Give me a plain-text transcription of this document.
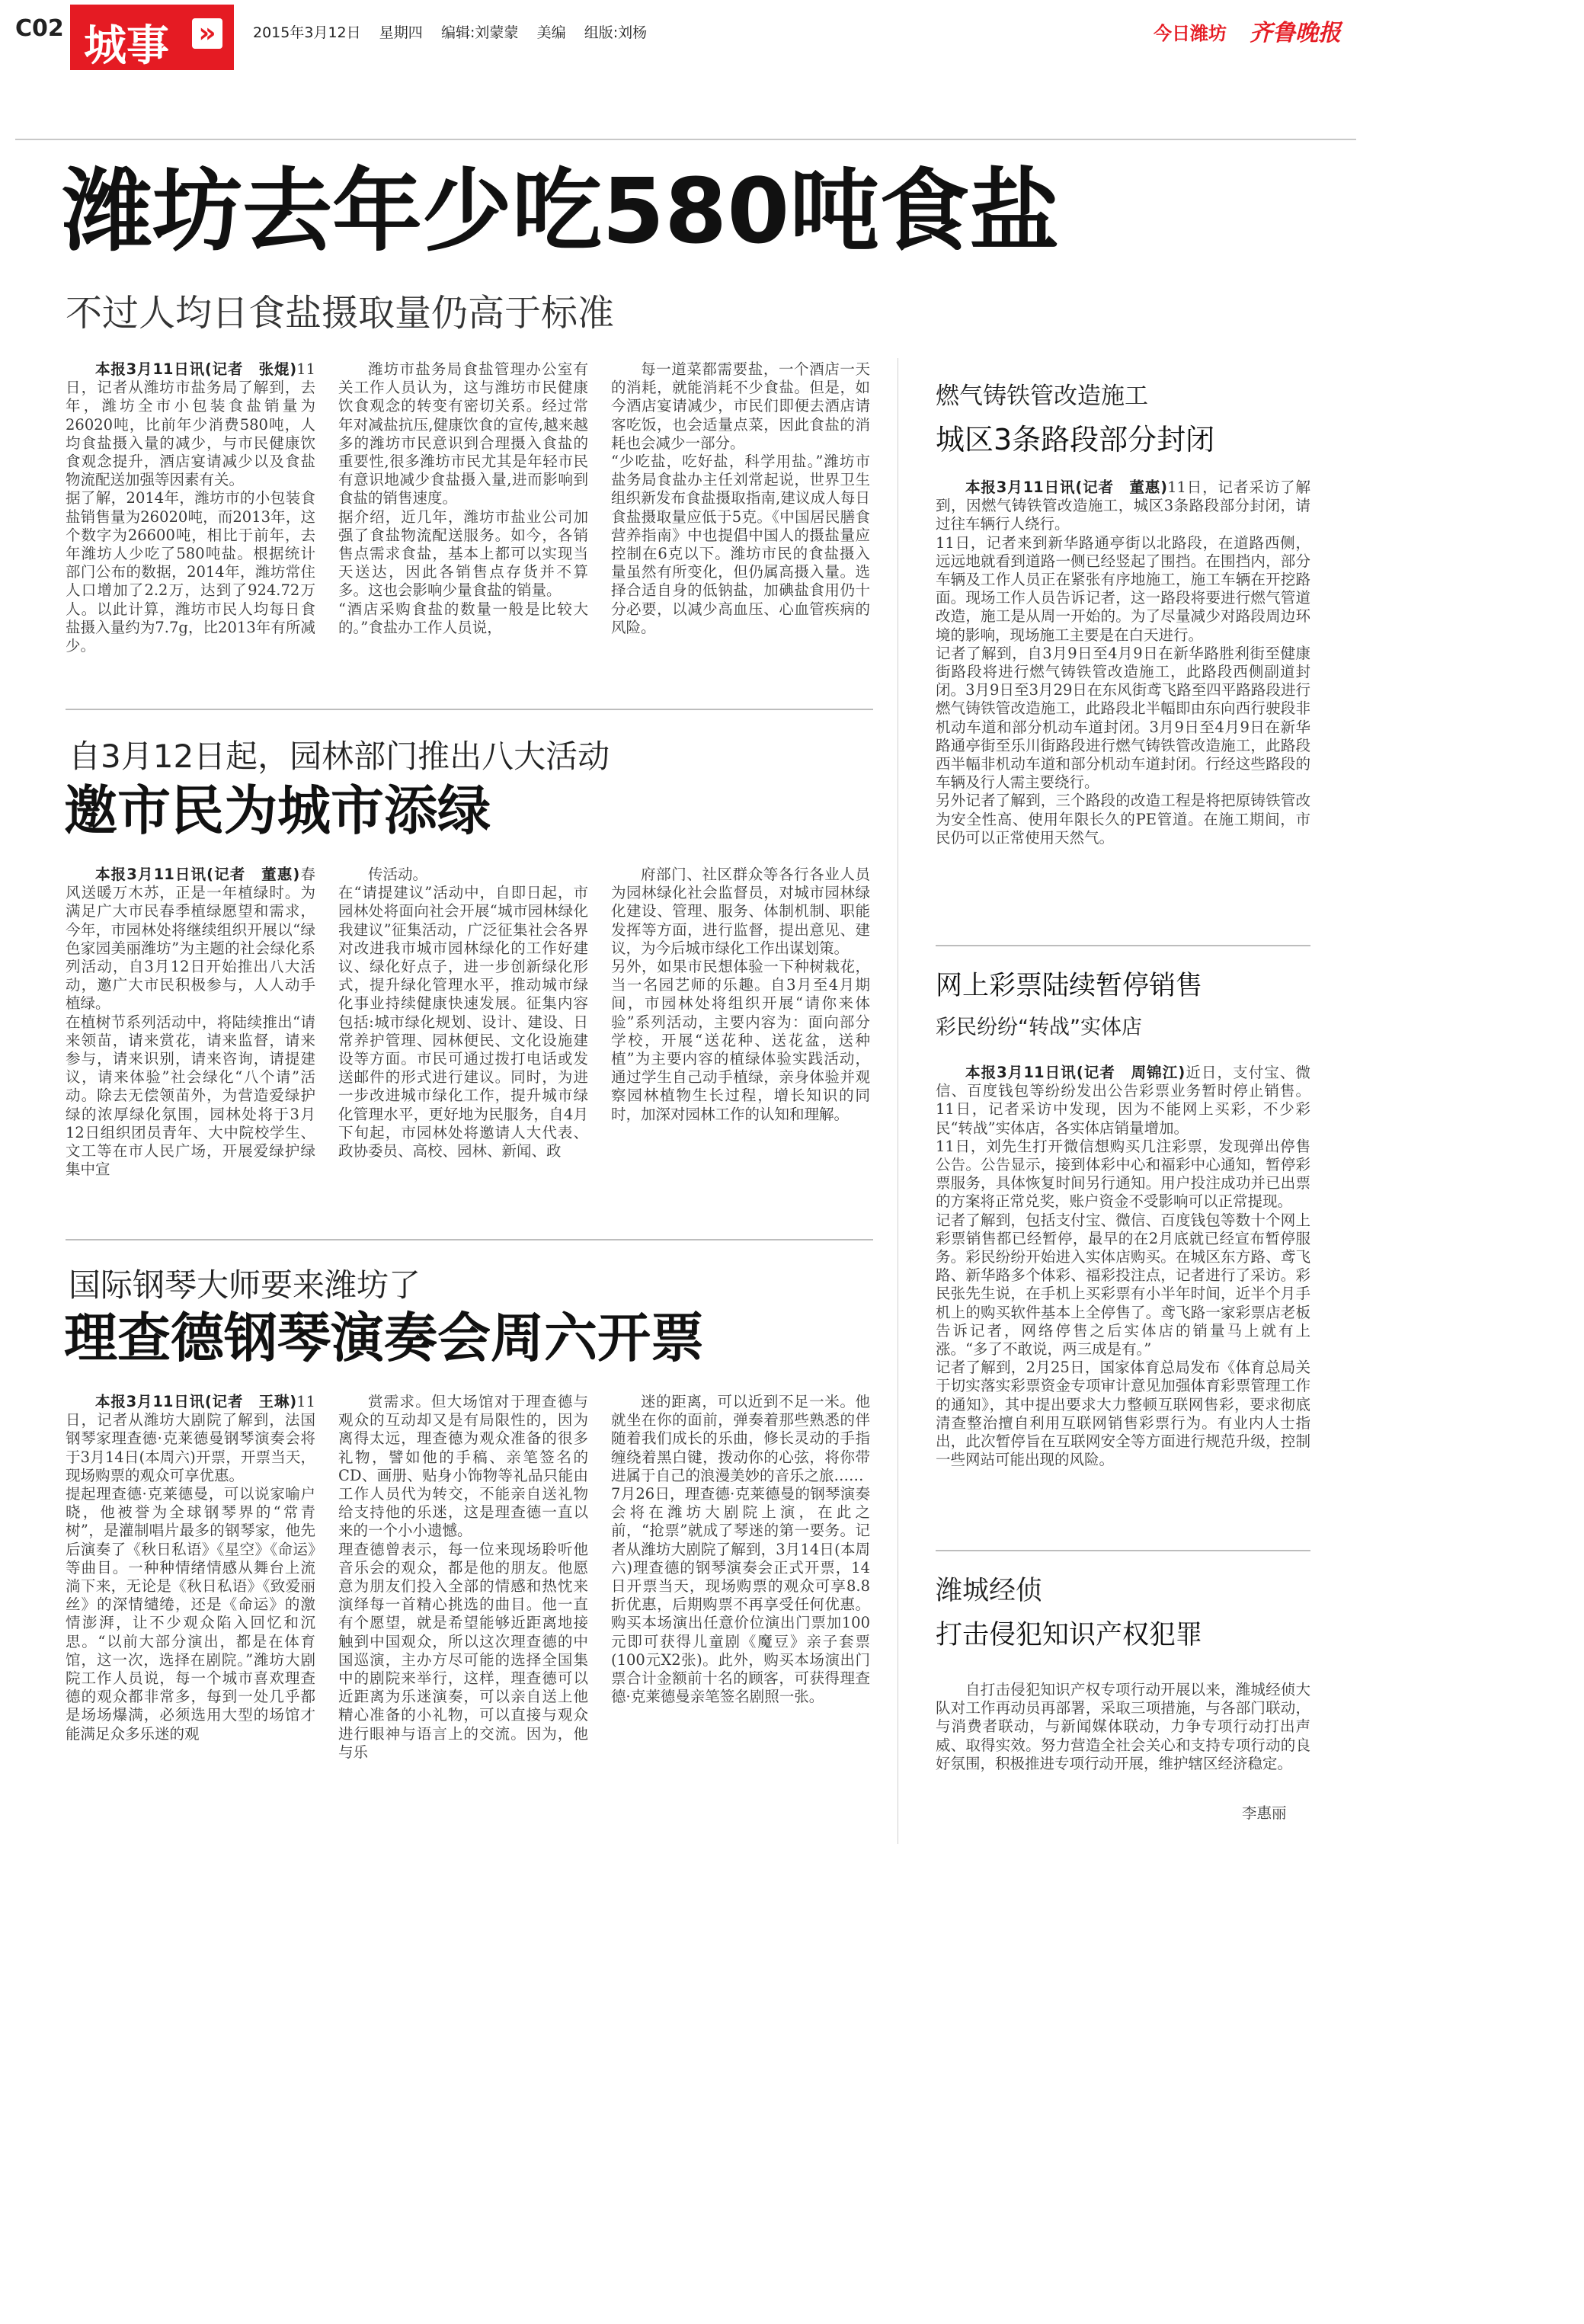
C02 城事 »	2015年3月12日 星期四 编辑:刘蒙蒙 美编 组版:刘杨	今日潍坊 齐鲁晚报
潍坊去年少吃580吨食盐
不过人均日食盐摄取量仍高于标准

本报3月11日讯(记者　张焜)11日，记者从潍坊市盐务局了解到，去年，潍坊全市小包装食盐销量为26020吨，比前年少消费580吨，人均食盐摄入量的减少，与市民健康饮食观念提升，酒店宴请减少以及食盐物流配送加强等因素有关。
据了解，2014年，潍坊市的小包装食盐销售量为26020吨，而2013年，这个数字为26600吨，相比于前年，去年潍坊人少吃了580吨盐。根据统计部门公布的数据，2014年，潍坊常住人口增加了2.2万，达到了924.72万人。以此计算，潍坊市民人均每日食盐摄入量约为7.7g，比2013年有所减少。

潍坊市盐务局食盐管理办公室有关工作人员认为，这与潍坊市民健康饮食观念的转变有密切关系。经过常年对减盐抗压,健康饮食的宣传,越来越多的潍坊市民意识到合理摄入食盐的重要性,很多潍坊市民尤其是年轻市民有意识地减少食盐摄入量,进而影响到食盐的销售速度。
据介绍，近几年，潍坊市盐业公司加强了食盐物流配送服务。如今，各销售点需求食盐，基本上都可以实现当天送达，因此各销售点存货并不算多。这也会影响少量食盐的销量。
“酒店采购食盐的数量一般是比较大的。”食盐办工作人员说，

每一道菜都需要盐，一个酒店一天的消耗，就能消耗不少食盐。但是，如今酒店宴请减少，市民们即便去酒店请客吃饭，也会适量点菜，因此食盐的消耗也会减少一部分。
“少吃盐，吃好盐，科学用盐。”潍坊市盐务局食盐办主任刘常起说，世界卫生组织新发布食盐摄取指南,建议成人每日食盐摄取量应低于5克。《中国居民膳食营养指南》中也提倡中国人的摄盐量应控制在6克以下。潍坊市民的食盐摄入量虽然有所变化，但仍属高摄入量。选择合适自身的低钠盐，加碘盐食用仍十分必要，以减少高血压、心血管疾病的风险。

自3月12日起，园林部门推出八大活动
邀市民为城市添绿

本报3月11日讯(记者　董惠)春风送暖万木苏，正是一年植绿时。为满足广大市民春季植绿愿望和需求，今年，市园林处将继续组织开展以“绿色家园美丽潍坊”为主题的社会绿化系列活动，自3月12日开始推出八大活动，邀广大市民积极参与，人人动手植绿。
在植树节系列活动中，将陆续推出“请来领苗，请来赏花，请来监督，请来参与，请来识别，请来咨询，请提建议，请来体验”社会绿化“八个请”活动。除去无偿领苗外，为营造爱绿护绿的浓厚绿化氛围，园林处将于3月12日组织团员青年、大中院校学生、文工等在市人民广场，开展爱绿护绿集中宣

传活动。
在“请提建议”活动中，自即日起，市园林处将面向社会开展“城市园林绿化我建议”征集活动，广泛征集社会各界对改进我市城市园林绿化的工作好建议、绿化好点子，进一步创新绿化形式，提升绿化管理水平，推动城市绿化事业持续健康快速发展。征集内容包括:城市绿化规划、设计、建设、日常养护管理、园林便民、文化设施建设等方面。市民可通过拨打电话或发送邮件的形式进行建议。同时，为进一步改进城市绿化工作，提升城市绿化管理水平，更好地为民服务，自4月下旬起，市园林处将邀请人大代表、政协委员、高校、园林、新闻、政

府部门、社区群众等各行各业人员为园林绿化社会监督员，对城市园林绿化建设、管理、服务、体制机制、职能发挥等方面，进行监督，提出意见、建议，为今后城市绿化工作出谋划策。
另外，如果市民想体验一下种树栽花，当一名园艺师的乐趣。自3月至4月期间，市园林处将组织开展“请你来体验”系列活动，主要内容为：面向部分学校，开展“送花种、送花盆，送种植”为主要内容的植绿体验实践活动，通过学生自己动手植绿，亲身体验并观察园林植物生长过程，增长知识的同时，加深对园林工作的认知和理解。

国际钢琴大师要来潍坊了
理查德钢琴演奏会周六开票

本报3月11日讯(记者　王琳)11日，记者从潍坊大剧院了解到，法国钢琴家理查德·克莱德曼钢琴演奏会将于3月14日(本周六)开票，开票当天，现场购票的观众可享优惠。
提起理查德·克莱德曼，可以说家喻户晓，他被誉为全球钢琴界的“常青树”，是灌制唱片最多的钢琴家，他先后演奏了《秋日私语》《星空》《命运》等曲目。一种种情绪情感从舞台上流淌下来，无论是《秋日私语》《致爱丽丝》的深情缱绻，还是《命运》的激情澎湃，让不少观众陷入回忆和沉思。“以前大部分演出，都是在体育馆，这一次，选择在剧院。”潍坊大剧院工作人员说，每一个城市喜欢理查德的观众都非常多，每到一处几乎都是场场爆满，必须选用大型的场馆才能满足众多乐迷的观

赏需求。但大场馆对于理查德与观众的互动却又是有局限性的，因为离得太远，理查德为观众准备的很多礼物，譬如他的手稿、亲笔签名的CD、画册、贴身小饰物等礼品只能由工作人员代为转交，不能亲自送礼物给支持他的乐迷，这是理查德一直以来的一个小小遗憾。
理查德曾表示，每一位来现场聆听他音乐会的观众，都是他的朋友。他愿意为朋友们投入全部的情感和热忱来演绎每一首精心挑选的曲目。他一直有个愿望，就是希望能够近距离地接触到中国观众，所以这次理查德的中国巡演，主办方尽可能的选择全国集中的剧院来举行，这样，理查德可以近距离为乐迷演奏，可以亲自送上他精心准备的小礼物，可以直接与观众进行眼神与语言上的交流。因为，他与乐

迷的距离，可以近到不足一米。他就坐在你的面前，弹奏着那些熟悉的伴随着我们成长的乐曲，修长灵动的手指缠绕着黑白键，拨动你的心弦，将你带进属于自己的浪漫美妙的音乐之旅……
7月26日，理查德·克莱德曼的钢琴演奏会将在潍坊大剧院上演，在此之前，“抢票”就成了琴迷的第一要务。记者从潍坊大剧院了解到，3月14日(本周六)理查德的钢琴演奏会正式开票，14日开票当天，现场购票的观众可享8.8折优惠，后期购票不再享受任何优惠。购买本场演出任意价位演出门票加100元即可获得儿童剧《魔豆》亲子套票(100元X2张)。此外，购买本场演出门票合计金额前十名的顾客，可获得理查德·克莱德曼亲笔签名剧照一张。

燃气铸铁管改造施工
城区3条路段部分封闭

本报3月11日讯(记者　董惠)11日，记者采访了解到，因燃气铸铁管改造施工，城区3条路段部分封闭，请过往车辆行人绕行。
11日，记者来到新华路通亭街以北路段，在道路西侧，远远地就看到道路一侧已经竖起了围挡。在围挡内，部分车辆及工作人员正在紧张有序地施工，施工车辆在开挖路面。现场工作人员告诉记者，这一路段将要进行燃气管道改造，施工是从周一开始的。为了尽量减少对路段周边环境的影响，现场施工主要是在白天进行。
记者了解到，自3月9日至4月9日在新华路胜利街至健康街路段将进行燃气铸铁管改造施工，此路段西侧副道封闭。3月9日至3月29日在东风街鸢飞路至四平路路段进行燃气铸铁管改造施工，此路段北半幅即由东向西行驶段非机动车道和部分机动车道封闭。3月9日至4月9日在新华路通亭街至乐川街路段进行燃气铸铁管改造施工，此路段西半幅非机动车道和部分机动车道封闭。行经这些路段的车辆及行人需主要绕行。
另外记者了解到，三个路段的改造工程是将把原铸铁管改为安全性高、使用年限长久的PE管道。在施工期间，市民仍可以正常使用天然气。

网上彩票陆续暂停销售
彩民纷纷“转战”实体店

本报3月11日讯(记者　周锦江)近日，支付宝、微信、百度钱包等纷纷发出公告彩票业务暂时停止销售。11日，记者采访中发现，因为不能网上买彩，不少彩民“转战”实体店，各实体店销量增加。
11日，刘先生打开微信想购买几注彩票，发现弹出停售公告。公告显示，接到体彩中心和福彩中心通知，暂停彩票服务，具体恢复时间另行通知。用户投注成功并已出票的方案将正常兑奖，账户资金不受影响可以正常提现。
记者了解到，包括支付宝、微信、百度钱包等数十个网上彩票销售都已经暂停，最早的在2月底就已经宣布暂停服务。彩民纷纷开始进入实体店购买。在城区东方路、鸢飞路、新华路多个体彩、福彩投注点，记者进行了采访。彩民张先生说，在手机上买彩票有小半年时间，近半个月手机上的购买软件基本上全停售了。鸢飞路一家彩票店老板告诉记者，网络停售之后实体店的销量马上就有上涨。“多了不敢说，两三成是有。”
记者了解到，2月25日，国家体育总局发布《体育总局关于切实落实彩票资金专项审计意见加强体育彩票管理工作的通知》，其中提出要求大力整顿互联网售彩，要求彻底清查整治擅自利用互联网销售彩票行为。有业内人士指出，此次暂停旨在互联网安全等方面进行规范升级，控制一些网站可能出现的风险。

潍城经侦
打击侵犯知识产权犯罪

自打击侵犯知识产权专项行动开展以来，潍城经侦大队对工作再动员再部署，采取三项措施，与各部门联动，与消费者联动，与新闻媒体联动，力争专项行动打出声威、取得实效。努力营造全社会关心和支持专项行动的良好氛围，积极推进专项行动开展，维护辖区经济稳定。

李惠丽
